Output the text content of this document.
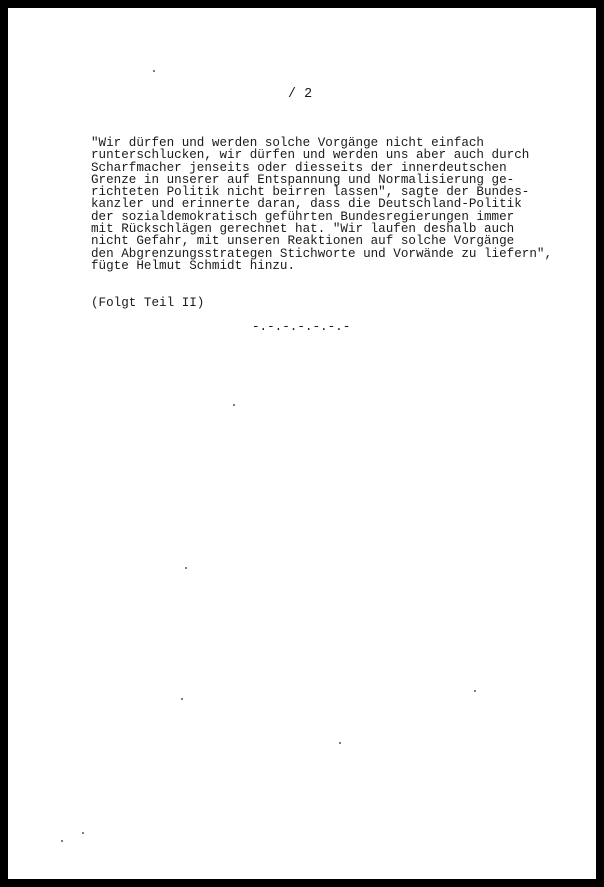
/ 2

"Wir dürfen und werden solche Vorgänge nicht einfach
runterschlucken, wir dürfen und werden uns aber auch durch
Scharfmacher jenseits oder diesseits der innerdeutschen
Grenze in unserer auf Entspannung und Normalisierung ge-
richteten Politik nicht beirren lassen", sagte der Bundes-
kanzler und erinnerte daran, dass die Deutschland-Politik
der sozialdemokratisch geführten Bundesregierungen immer
mit Rückschlägen gerechnet hat. "Wir laufen deshalb auch
nicht Gefahr, mit unseren Reaktionen auf solche Vorgänge
den Abgrenzungsstrategen Stichworte und Vorwände zu liefern",
fügte Helmut Schmidt hinzu.

(Folgt Teil II)

-.-.-.-.-.-.-
